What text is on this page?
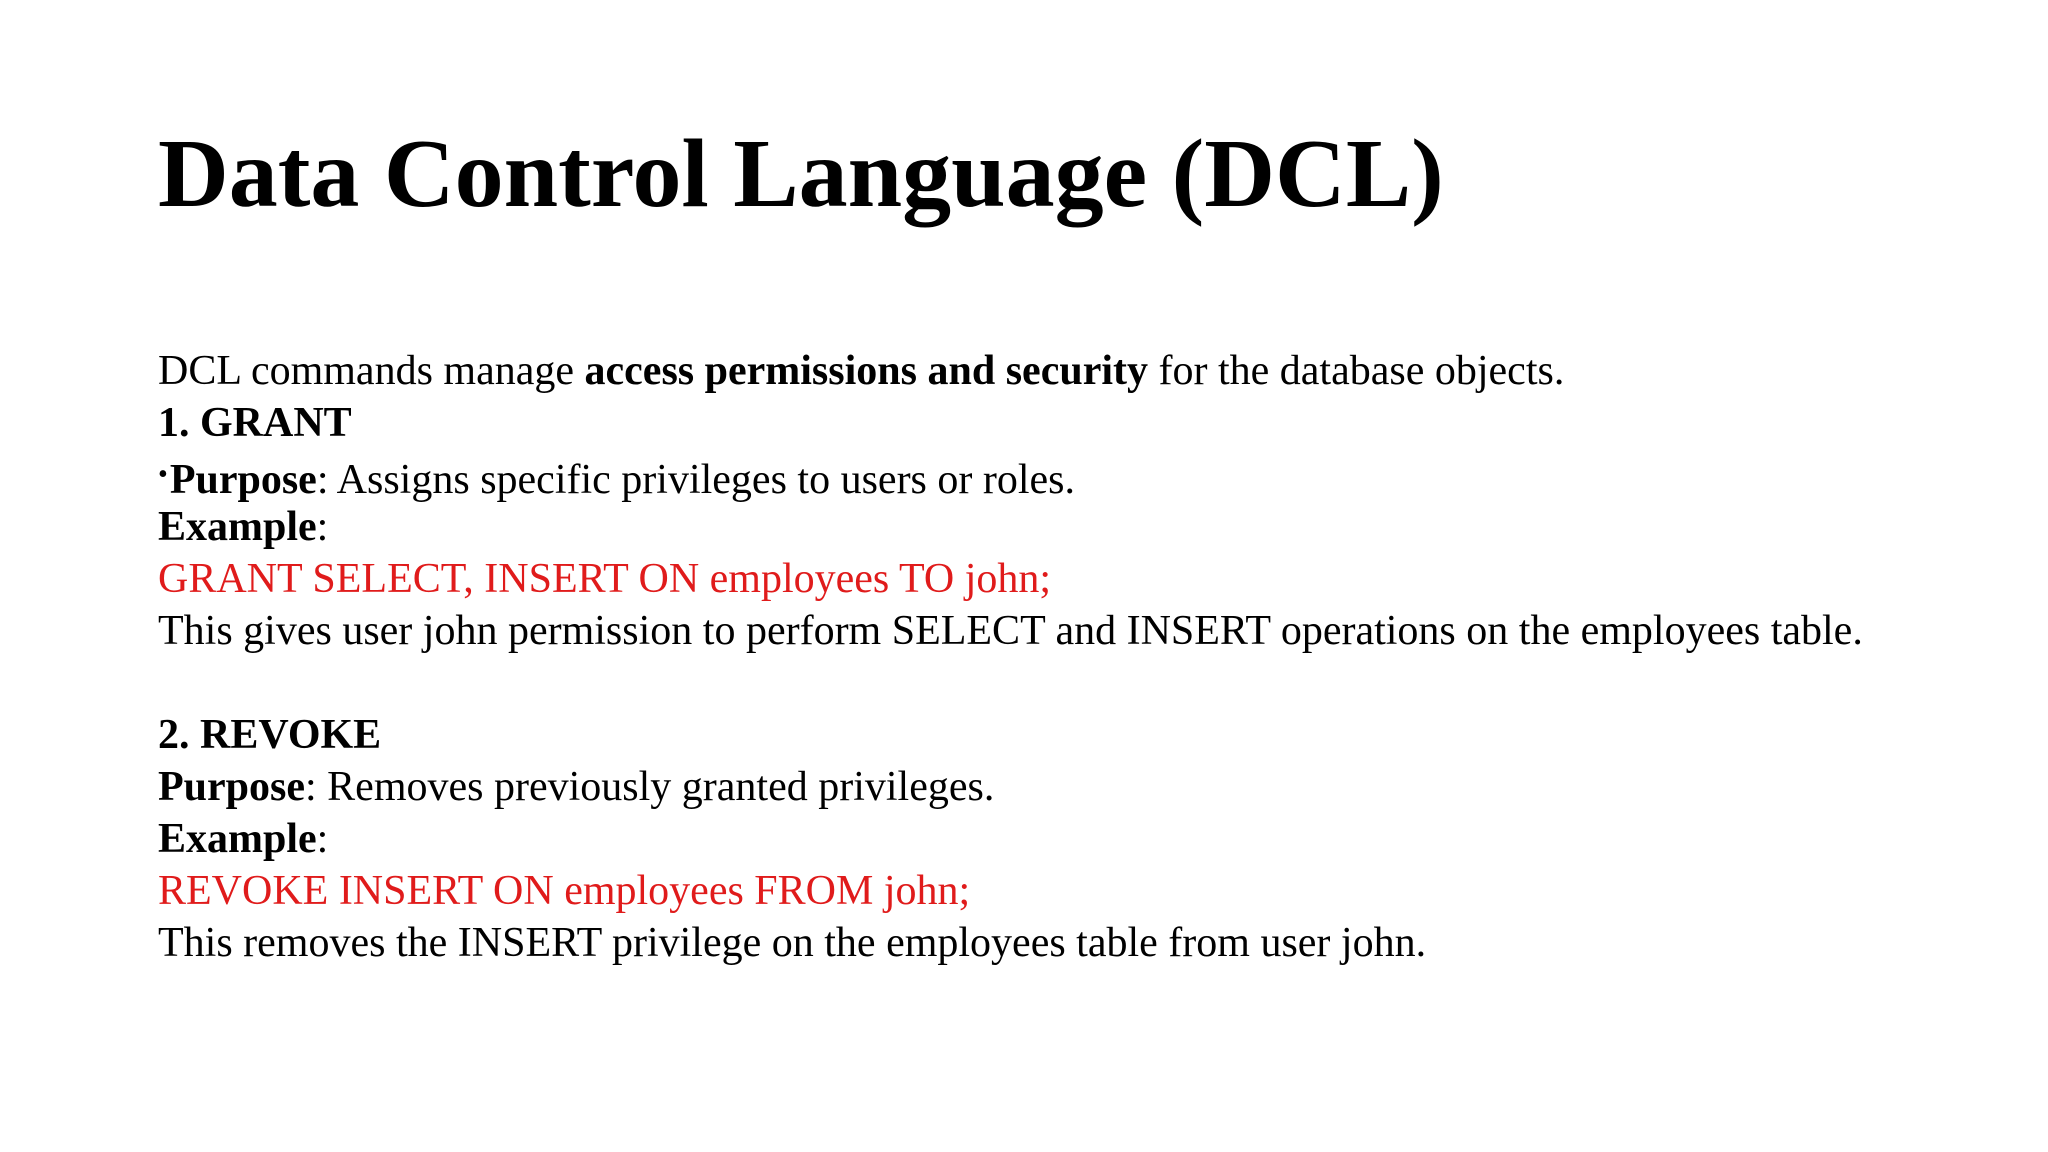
Data Control Language (DCL)
DCL commands manage access permissions and security for the database objects.
1. GRANT
•Purpose: Assigns specific privileges to users or roles.
Example:
GRANT SELECT, INSERT ON employees TO john;
This gives user john permission to perform SELECT and INSERT operations on the employees table.
2. REVOKE
Purpose: Removes previously granted privileges.
Example:
REVOKE INSERT ON employees FROM john;
This removes the INSERT privilege on the employees table from user john.
